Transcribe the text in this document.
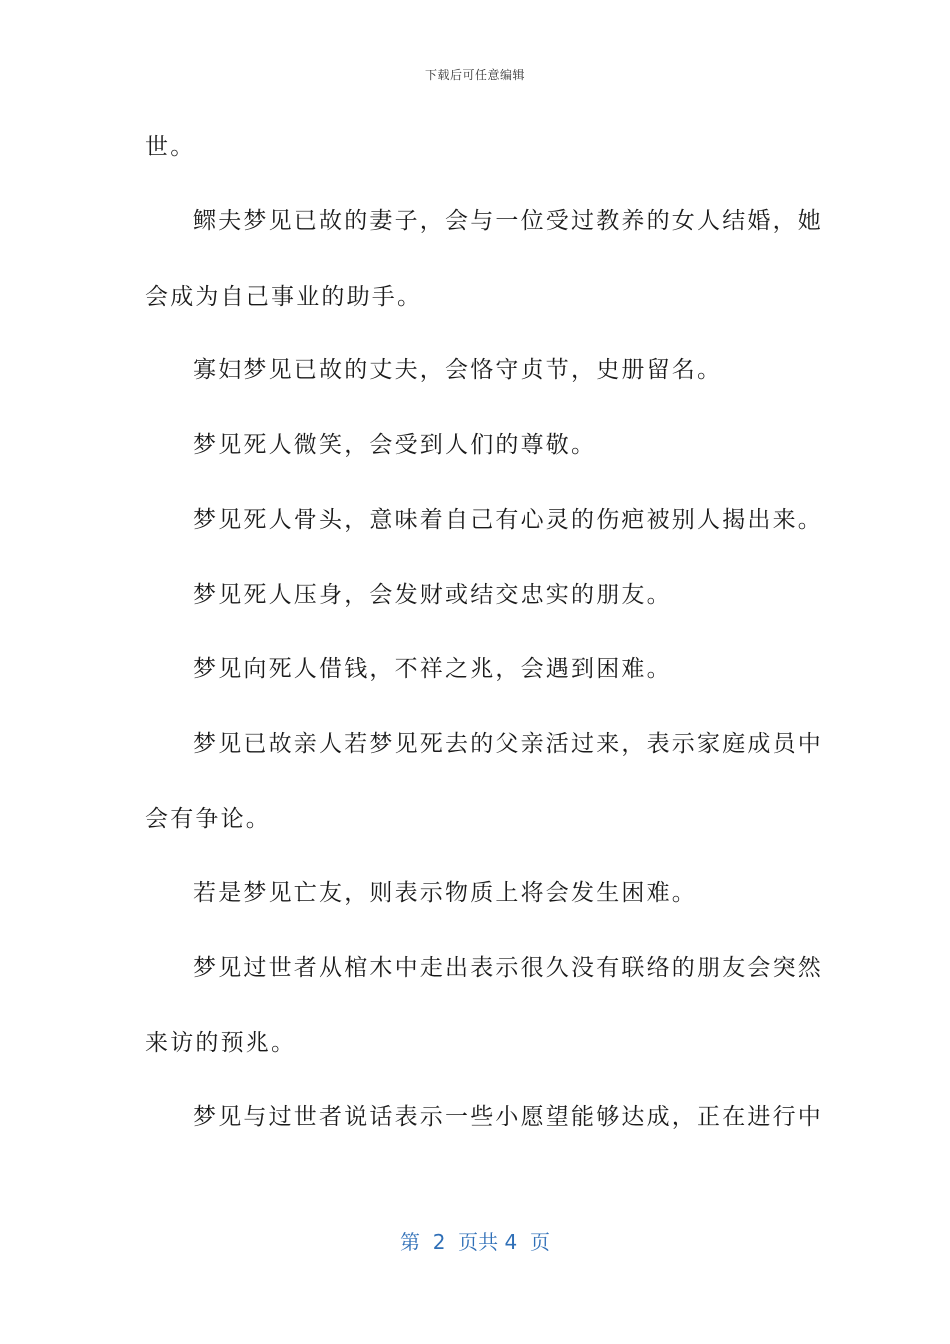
下载后可任意编辑
世。
鳏夫梦见已故的妻子，会与一位受过教养的女人结婚，她
会成为自己事业的助手。
寡妇梦见已故的丈夫，会恪守贞节，史册留名。
梦见死人微笑，会受到人们的尊敬。
梦见死人骨头，意味着自己有心灵的伤疤被别人揭出来。
梦见死人压身，会发财或结交忠实的朋友。
梦见向死人借钱，不祥之兆，会遇到困难。
梦见已故亲人若梦见死去的父亲活过来，表示家庭成员中
会有争论。
若是梦见亡友，则表示物质上将会发生困难。
梦见过世者从棺木中走出表示很久没有联络的朋友会突然
来访的预兆。
梦见与过世者说话表示一些小愿望能够达成，正在进行中
第  2  页共 4  页
